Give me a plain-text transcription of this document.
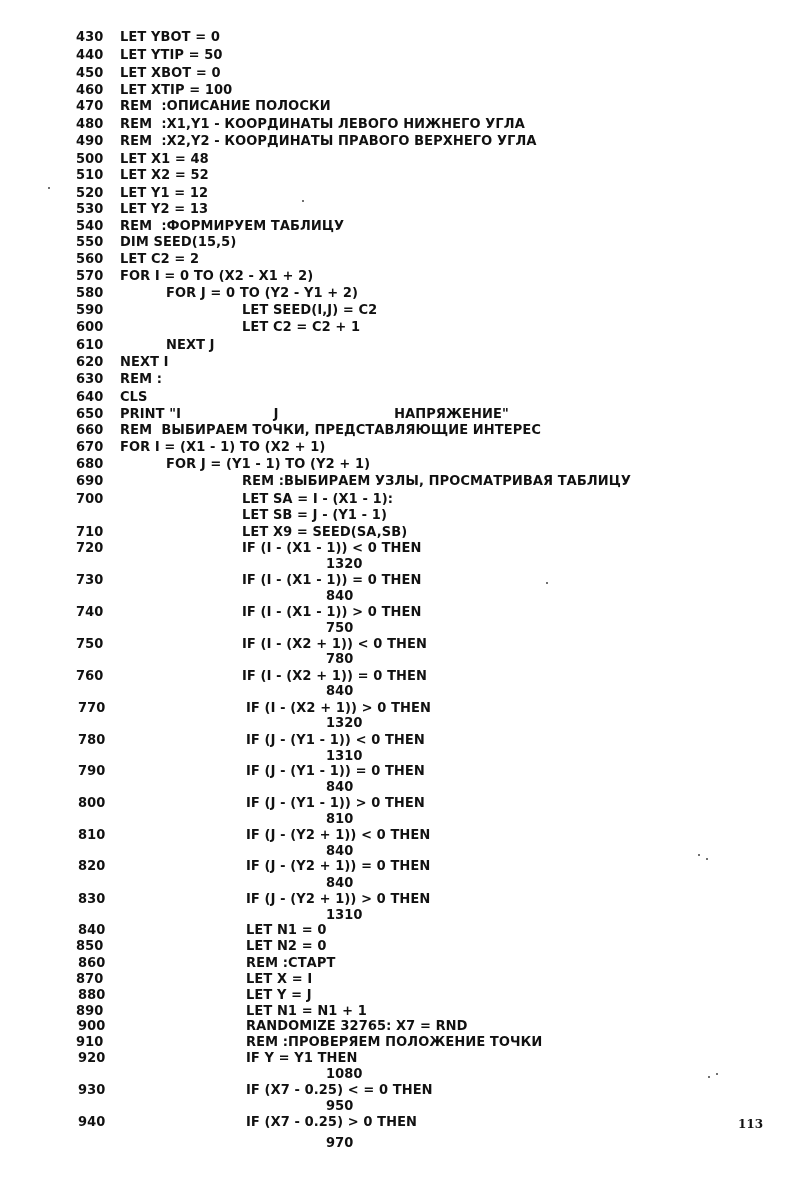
430	LET YBOT = 0
440	LET YTIP = 50
450	LET XBOT = 0
460	LET XTIP = 100
470	REM  :ОПИСАНИЕ ПОЛОСКИ
480	REM  :X1,Y1 - КООРДИНАТЫ ЛЕВОГО НИЖНЕГО УГЛА
490	REM  :X2,Y2 - КООРДИНАТЫ ПРАВОГО ВЕРХНЕГО УГЛА
500	LET X1 = 48
510	LET X2 = 52
520	LET Y1 = 12
530	LET Y2 = 13
540	REM  :ФОРМИРУЕМ ТАБЛИЦУ
550	DIM SEED(15,5)
560	LET C2 = 2
570	FOR I = 0 TO (X2 - X1 + 2)
580	FOR J = 0 TO (Y2 - Y1 + 2)
590	LET SEED(I,J) = C2
600	LET C2 = C2 + 1
610	NEXT J
620	NEXT I
630	REM :
640	CLS
650	PRINT "I                    J                         НАПРЯЖЕНИЕ"
660	REM  ВЫБИРАЕМ ТОЧКИ, ПРЕДСТАВЛЯЮЩИЕ ИНТЕРЕС
670	FOR I = (X1 - 1) TO (X2 + 1)
680	FOR J = (Y1 - 1) TO (Y2 + 1)
690	REM :ВЫБИРАЕМ УЗЛЫ, ПРОСМАТРИВАЯ ТАБЛИЦУ
700	LET SA = I - (X1 - 1):
LET SB = J - (Y1 - 1)
710	LET X9 = SEED(SA,SB)
720	IF (I - (X1 - 1)) < 0 THEN
1320
730	IF (I - (X1 - 1)) = 0 THEN
840
740	IF (I - (X1 - 1)) > 0 THEN
750
750	IF (I - (X2 + 1)) < 0 THEN
780
760	IF (I - (X2 + 1)) = 0 THEN
840
770	IF (I - (X2 + 1)) > 0 THEN
1320
780	IF (J - (Y1 - 1)) < 0 THEN
1310
790	IF (J - (Y1 - 1)) = 0 THEN
840
800	IF (J - (Y1 - 1)) > 0 THEN
810
810	IF (J - (Y2 + 1)) < 0 THEN
840
820	IF (J - (Y2 + 1)) = 0 THEN
840
830	IF (J - (Y2 + 1)) > 0 THEN
1310
840	LET N1 = 0
850	LET N2 = 0
860	REM :СТАРТ
870	LET X = I
880	LET Y = J
890	LET N1 = N1 + 1
900	RANDOMIZE 32765: X7 = RND
910	REM :ПРОВЕРЯЕМ ПОЛОЖЕНИЕ ТОЧКИ
920	IF Y = Y1 THEN
1080
930	IF (X7 - 0.25) < = 0 THEN
950
940	IF (X7 - 0.25) > 0 THEN
970
113
